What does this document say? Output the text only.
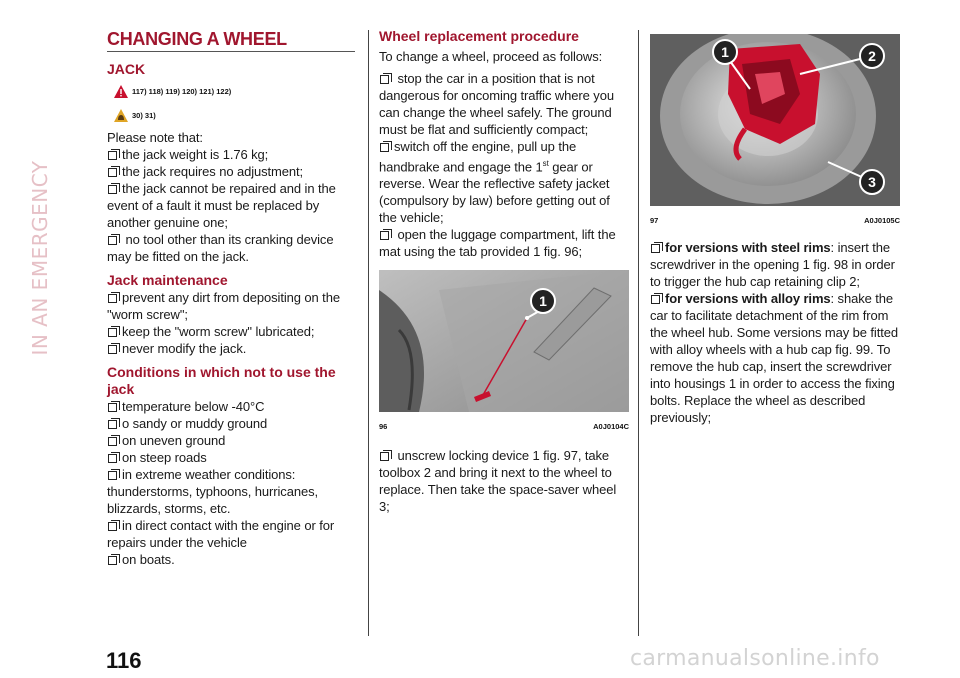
IN AN EMERGENCY
CHANGING A WHEEL
JACK
117) 118) 119) 120) 121) 122)
30) 31)

Please note that:

the jack weight is 1.76 kg;

the jack requires no adjustment;

the jack cannot be repaired and in the event of a fault it must be replaced by another genuine one;

no tool other than its cranking device may be fitted on the jack.

Jack maintenance

prevent any dirt from depositing on the "worm screw";

keep the "worm screw" lubricated;

never modify the jack.

Conditions in which not to use the jack

temperature below -40°C

o sandy or muddy ground

on uneven ground

on steep roads

in extreme weather conditions: thunderstorms, typhoons, hurricanes, blizzards, storms, etc.

in direct contact with the engine or for repairs under the vehicle

on boats.

Wheel replacement procedure

To change a wheel, proceed as follows:

stop the car in a position that is not dangerous for oncoming traffic where you can change the wheel safely. The ground must be flat and sufficiently compact;

switch off the engine, pull up the handbrake and engage the 1st gear or reverse. Wear the reflective safety jacket (compulsory by law) before getting out of the vehicle;

open the luggage compartment, lift the mat using the tab provided 1 fig. 96;

1
96	A0J0104C

unscrew locking device 1 fig. 97, take toolbox 2 and bring it next to the wheel to replace. Then take the space-saver wheel 3;

1	2
3
97	A0J0105C

for versions with steel rims: insert the screwdriver in the opening 1 fig. 98 in order to trigger the hub cap retaining clip 2;

for versions with alloy rims: shake the car to facilitate detachment of the rim from the wheel hub. Some versions may be fitted with alloy wheels with a hub cap fig. 99. To remove the hub cap, insert the screwdriver into housings 1 in order to access the fixing bolts. Replace the wheel as described previously;

116	carmanualsonline.info
